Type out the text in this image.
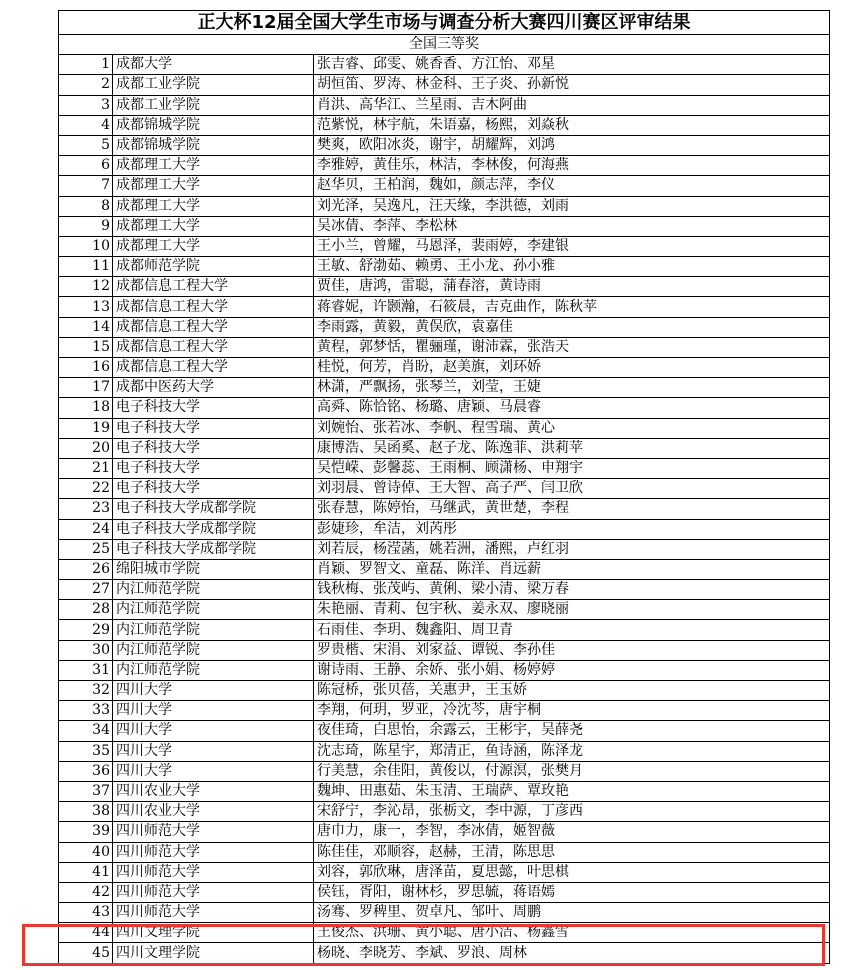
正大杯12届全国大学生市场与调查分析大赛四川赛区评审结果		
全国三等奖		
1	成都大学	张吉睿、邱雯、姚香香、方江怡、邓星
2	成都工业学院	胡恒笛、罗涛、林金科、王子炎、孙新悦
3	成都工业学院	肖洪、高华江、兰星雨、吉木阿曲
4	成都锦城学院	范紫悦，林宇航，朱语嘉，杨熙，刘焱秋
5	成都锦城学院	樊爽，欧阳冰炎，谢宇，胡耀辉，刘鸿
6	成都理工大学	李雅婷，黄佳乐，林洁，李林俊，何海燕
7	成都理工大学	赵华贝，王柏润，魏如，颜志萍，李仪
8	成都理工大学	刘光泽，吴逸凡，汪天缘，李洪德，刘雨
9	成都理工大学	吴冰倩、李萍、李松林
10	成都理工大学	王小兰，曾耀，马恩泽，裴雨婷，李建银
11	成都师范学院	王敏、舒渤茹、赖勇、王小龙、孙小雅
12	成都信息工程大学	贾佳，唐鸿，雷聪，蒲春溶，黄诗雨
13	成都信息工程大学	蒋睿妮，许颢瀚，石筱晨，吉克曲作，陈秋苹
14	成都信息工程大学	李雨露，黄毅，黄俣欣，袁嘉佳
15	成都信息工程大学	黄程，郭梦恬，瞿骊瑾，谢沛霖，张浩天
16	成都信息工程大学	桂悦，何芳，肖盼，赵美旗，刘环娇
17	成都中医药大学	林潇，严飘扬，张琴兰，刘莹，王婕
18	电子科技大学	高舜、陈恰铭、杨璐、唐颖、马晨睿
19	电子科技大学	刘婉怡、张若冰、李帆、程雪瑞、黄心
20	电子科技大学	康博浩、吴函奚、赵子龙、陈逸菲、洪莉苹
21	电子科技大学	吴恺嵘、彭馨蕊、王雨桐、顾潇杨、申翔宇
22	电子科技大学	刘羽晨、曾诗倬、王大智、高子严、闫卫欣
23	电子科技大学成都学院	张春慧，陈婷怡，马继武，黄世楚，李程
24	电子科技大学成都学院	彭婕珍，牟洁，刘芮彤
25	电子科技大学成都学院	刘若辰，杨滢菡，姚若洲，潘熙，卢红羽
26	绵阳城市学院	肖颖、罗智文、童磊、陈洋、肖远薪
27	内江师范学院	钱秋梅、张茂屿、黄俐、梁小清、梁万春
28	内江师范学院	朱艳丽、青莉、包宇秋、姜永双、廖晓丽
29	内江师范学院	石雨佳、李玥、魏鑫阳、周卫青
30	内江师范学院	罗贵楷、宋涓、刘家益、谭锐、李孙佳
31	内江师范学院	谢诗雨、王静、余娇、张小娟、杨婷婷
32	四川大学	陈冠桥，张贝蓓，关惠尹，王玉娇
33	四川大学	李翔，何玥，罗亚，冷沈芩，唐宇桐
34	四川大学	夜佳琦，白思怡，余露云，王彬宇，吴薛尧
35	四川大学	沈志琦，陈星宇，郑清正，鱼诗涵，陈泽龙
36	四川大学	行美慧，余佳阳，黄俊以，付源溟，张樊月
37	四川农业大学	魏坤、田惠茹、朱玉清、王瑞萨、覃玫艳
38	四川农业大学	宋舒宁，李沁昂，张栃文，李中源，丁彦西
39	四川师范大学	唐巾力，康一，李智，李冰倩，姬智薇
40	四川师范大学	陈佳佳，邓顺容，赵赫，王清，陈思思
41	四川师范大学	刘容，郭欣琳，唐泽苗，夏思懿，叶思棋
42	四川师范大学	侯钰，胥阳，谢林杉，罗思毓，蒋语嫣
43	四川师范大学	汤骞、罗稗里、贺卓凡、邹叶、周鹏
44	四川文理学院	王俊杰、洪珊、黄小聪、唐小洁、杨鑫雪
45	四川文理学院	杨晓、李晓芳、李斌、罗浪、周林
